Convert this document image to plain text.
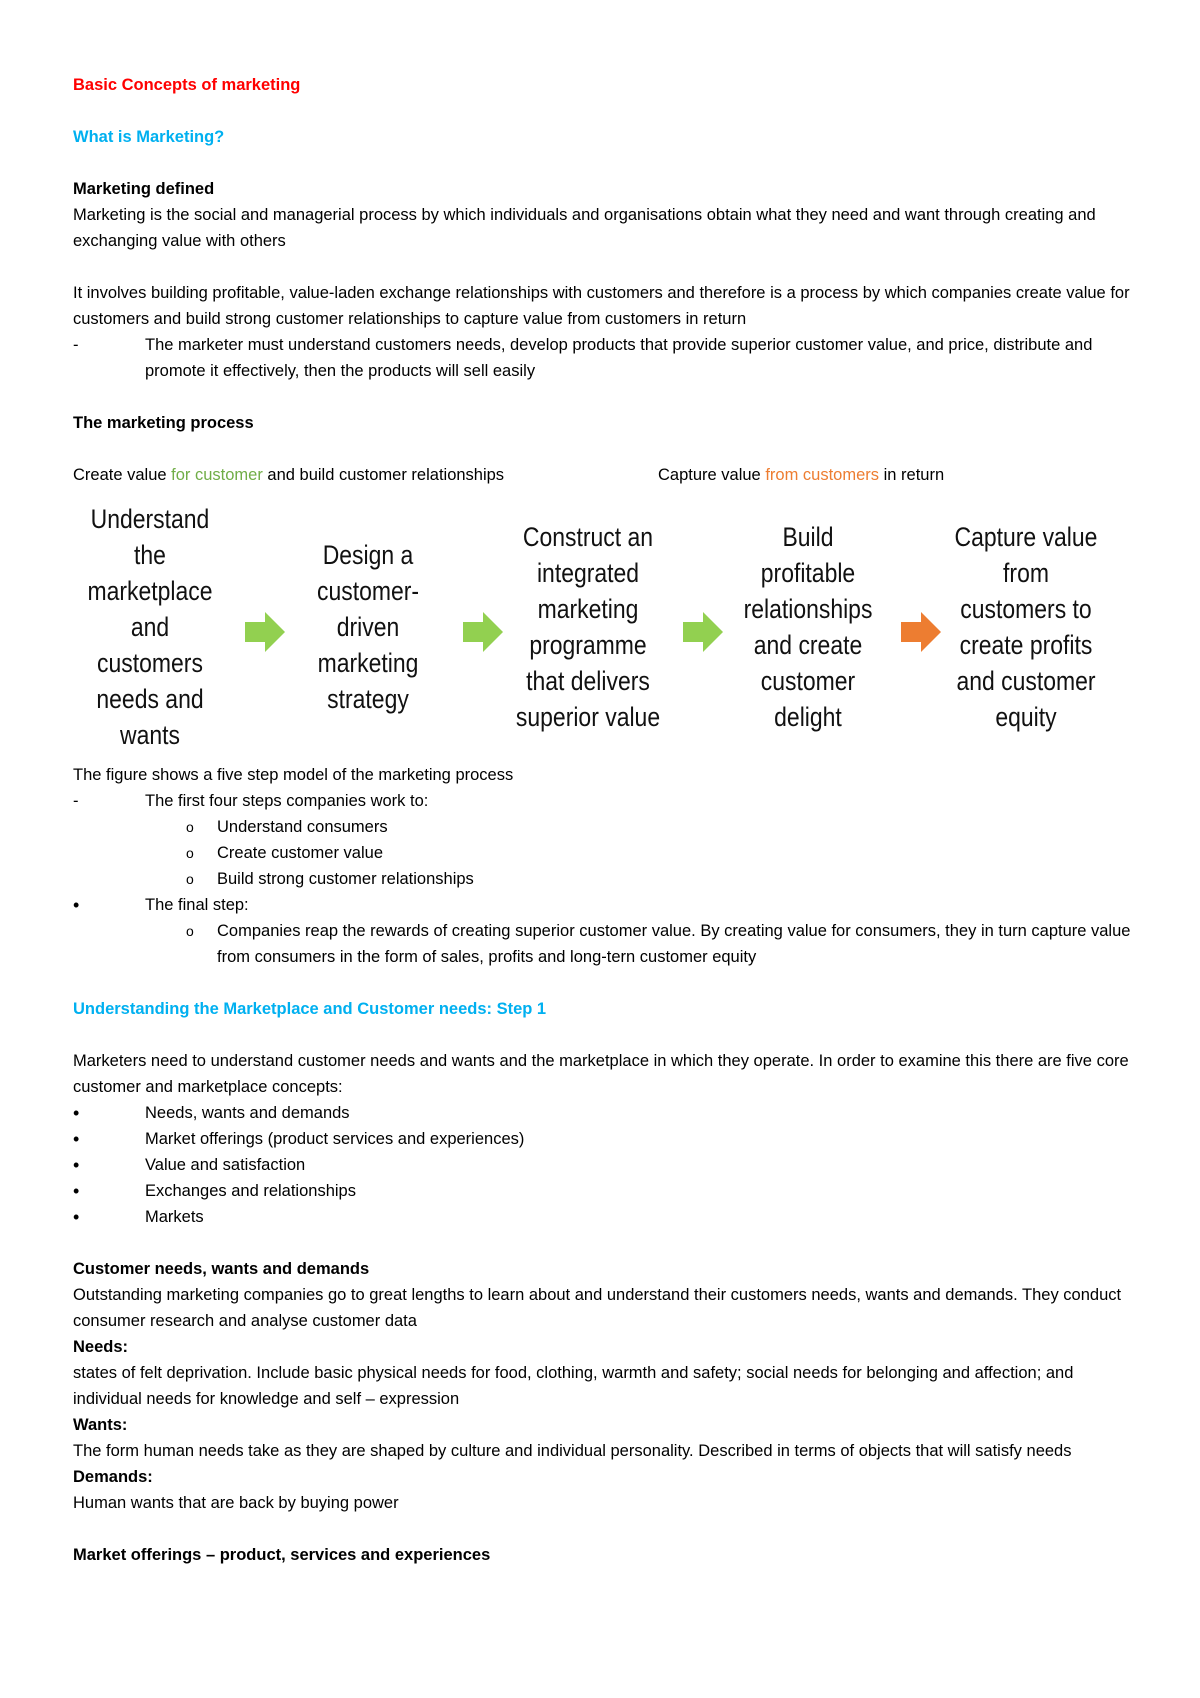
Basic Concepts of marketing

What is Marketing?

Marketing defined

Marketing is the social and managerial process by which individuals and organisations obtain what they need and want through creating and exchanging value with others

It involves building profitable, value-laden exchange relationships with customers and therefore is a process by which companies create value for customers and build strong customer relationships to capture value from customers in return

- The marketer must understand customers needs, develop products that provide superior customer value, and price, distribute and promote it effectively, then the products will sell easily

The marketing process

Create value for customer and build customer relationships	Capture value from customers in return
Understand the marketplace and customers needs and wants
Design a customer-driven marketing strategy
Construct an integrated marketing programme that delivers superior value
Build profitable relationships and create customer delight
Capture value from customers to create profits and customer equity

The figure shows a five step model of the marketing process

- The first four steps companies work to:
o Understand consumers
o Create customer value
o Build strong customer relationships
• The final step:
o Companies reap the rewards of creating superior customer value. By creating value for consumers, they in turn capture value from consumers in the form of sales, profits and long-tern customer equity

Understanding the Marketplace and Customer needs: Step 1

Marketers need to understand customer needs and wants and the marketplace in which they operate. In order to examine this there are five core customer and marketplace concepts:

• Needs, wants and demands
• Market offerings (product services and experiences)
• Value and satisfaction
• Exchanges and relationships
• Markets

Customer needs, wants and demands

Outstanding marketing companies go to great lengths to learn about and understand their customers needs, wants and demands. They conduct consumer research and analyse customer data

Needs:

states of felt deprivation. Include basic physical needs for food, clothing, warmth and safety; social needs for belonging and affection; and individual needs for knowledge and self – expression

Wants:

The form human needs take as they are shaped by culture and individual personality. Described in terms of objects that will satisfy needs

Demands:

Human wants that are back by buying power

Market offerings – product, services and experiences
